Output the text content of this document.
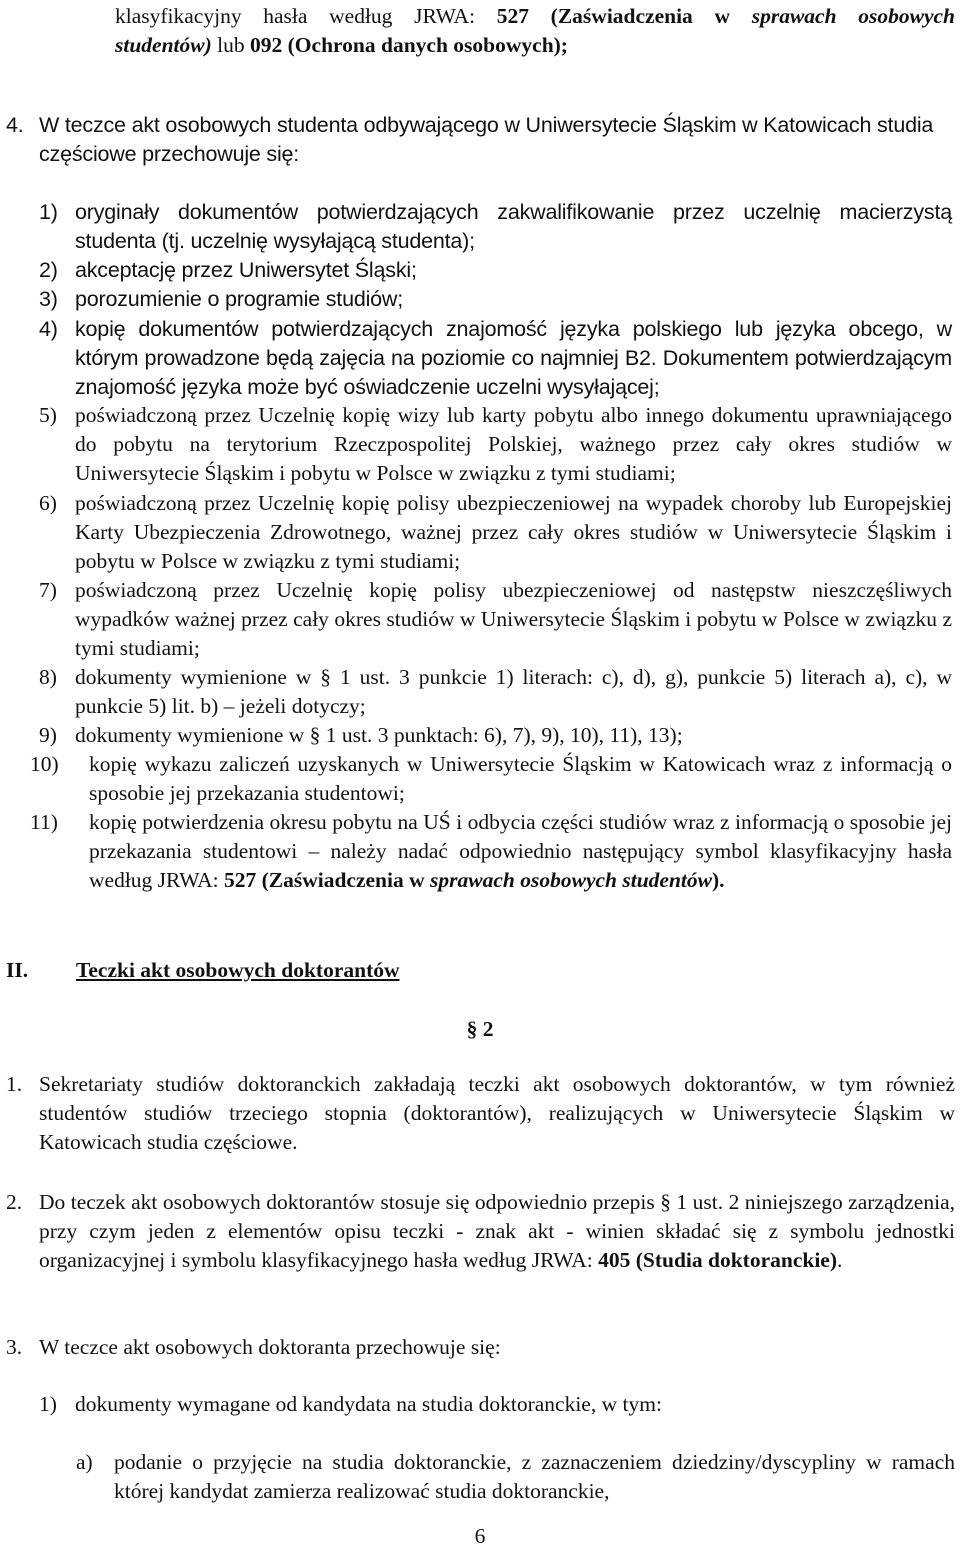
klasyfikacyjny hasła według JRWA: 527 (Zaświadczenia w sprawach osobowych

studentów) lub 092 (Ochrona danych osobowych);

4. W teczce akt osobowych studenta odbywającego w Uniwersytecie Śląskim w Katowicach studia częściowe przechowuje się:

1) oryginały dokumentów potwierdzających zakwalifikowanie przez uczelnię macierzystą studenta (tj. uczelnię wysyłającą studenta);
2) akceptację przez Uniwersytet Śląski;
3) porozumienie o programie studiów;
4) kopię dokumentów potwierdzających znajomość języka polskiego lub języka obcego, w którym prowadzone będą zajęcia na poziomie co najmniej B2. Dokumentem potwierdzającym znajomość języka może być oświadczenie uczelni wysyłającej;
5) poświadczoną przez Uczelnię kopię wizy lub karty pobytu albo innego dokumentu uprawniającego do pobytu na terytorium Rzeczpospolitej Polskiej, ważnego przez cały okres studiów w Uniwersytecie Śląskim i pobytu w Polsce w związku z tymi studiami;
6) poświadczoną przez Uczelnię kopię polisy ubezpieczeniowej na wypadek choroby lub Europejskiej Karty Ubezpieczenia Zdrowotnego, ważnej przez cały okres studiów w Uniwersytecie Śląskim i pobytu w Polsce w związku z tymi studiami;
7) poświadczoną przez Uczelnię kopię polisy ubezpieczeniowej od następstw nieszczęśliwych wypadków ważnej przez cały okres studiów w Uniwersytecie Śląskim i pobytu w Polsce w związku z tymi studiami;
8) dokumenty wymienione w § 1 ust. 3 punkcie 1) literach: c), d), g), punkcie 5) literach a), c), w punkcie 5) lit. b) – jeżeli dotyczy;
9) dokumenty wymienione w § 1 ust. 3 punktach: 6), 7), 9), 10), 11), 13);
10) kopię wykazu zaliczeń uzyskanych w Uniwersytecie Śląskim w Katowicach wraz z informacją o sposobie jej przekazania studentowi;
11) kopię potwierdzenia okresu pobytu na UŚ i odbycia części studiów wraz z informacją o sposobie jej przekazania studentowi – należy nadać odpowiednio następujący symbol klasyfikacyjny hasła według JRWA: 527 (Zaświadczenia w sprawach osobowych studentów).
II. Teczki akt osobowych doktorantów
§ 2
1. Sekretariaty studiów doktoranckich zakładają teczki akt osobowych doktorantów, w tym również studentów studiów trzeciego stopnia (doktorantów), realizujących w Uniwersytecie Śląskim w Katowicach studia częściowe.

2. Do teczek akt osobowych doktorantów stosuje się odpowiednio przepis § 1 ust. 2 niniejszego zarządzenia, przy czym jeden z elementów opisu teczki - znak akt - winien składać się z symbolu jednostki organizacyjnej i symbolu klasyfikacyjnego hasła według JRWA: 405 (Studia doktoranckie).

3. W teczce akt osobowych doktoranta przechowuje się:

1) dokumenty wymagane od kandydata na studia doktoranckie, w tym:
a) podanie o przyjęcie na studia doktoranckie, z zaznaczeniem dziedziny/dyscypliny w ramach której kandydat zamierza realizować studia doktoranckie,

6
